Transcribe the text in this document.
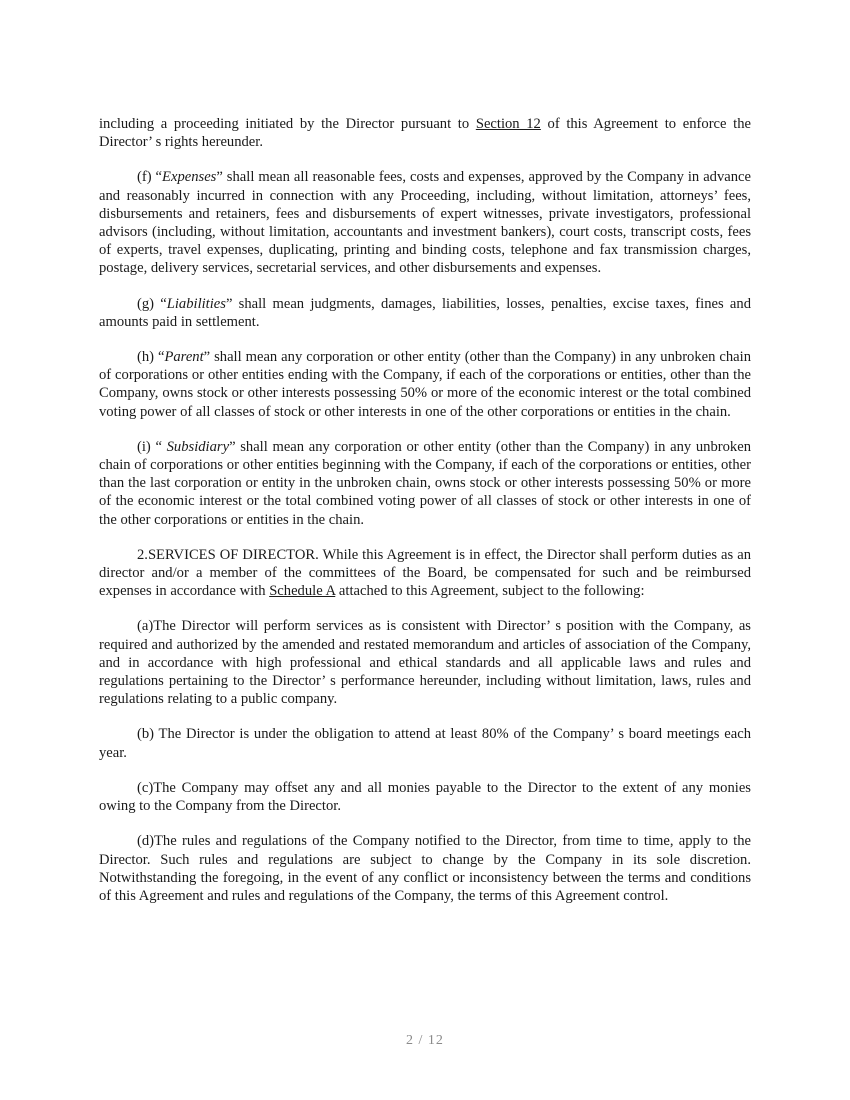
including a proceeding initiated by the Director pursuant to Section 12 of this Agreement to enforce the Director’ s rights hereunder.

(f) “Expenses” shall mean all reasonable fees, costs and expenses, approved by the Company in advance and reasonably incurred in connection with any Proceeding, including, without limitation, attorneys’ fees, disbursements and retainers, fees and disbursements of expert witnesses, private investigators, professional advisors (including, without limitation, accountants and investment bankers), court costs, transcript costs, fees of experts, travel expenses, duplicating, printing and binding costs, telephone and fax transmission charges, postage, delivery services, secretarial services, and other disbursements and expenses.

(g) “Liabilities” shall mean judgments, damages, liabilities, losses, penalties, excise taxes, fines and amounts paid in settlement.

(h) “Parent” shall mean any corporation or other entity (other than the Company) in any unbroken chain of corporations or other entities ending with the Company, if each of the corporations or entities, other than the Company, owns stock or other interests possessing 50% or more of the economic interest or the total combined voting power of all classes of stock or other interests in one of the other corporations or entities in the chain.

(i) “ Subsidiary” shall mean any corporation or other entity (other than the Company) in any unbroken chain of corporations or other entities beginning with the Company, if each of the corporations or entities, other than the last corporation or entity in the unbroken chain, owns stock or other interests possessing 50% or more of the economic interest or the total combined voting power of all classes of stock or other interests in one of the other corporations or entities in the chain.

2.SERVICES OF DIRECTOR. While this Agreement is in effect, the Director shall perform duties as an director and/or a member of the committees of the Board, be compensated for such and be reimbursed expenses in accordance with Schedule A attached to this Agreement, subject to the following:

(a)The Director will perform services as is consistent with Director’ s position with the Company, as required and authorized by the amended and restated memorandum and articles of association of the Company, and in accordance with high professional and ethical standards and all applicable laws and rules and regulations pertaining to the Director’ s performance hereunder, including without limitation, laws, rules and regulations relating to a public company.

(b) The Director is under the obligation to attend at least 80% of the Company’ s board meetings each year.

(c)The Company may offset any and all monies payable to the Director to the extent of any monies owing to the Company from the Director.

(d)The rules and regulations of the Company notified to the Director, from time to time, apply to the Director. Such rules and regulations are subject to change by the Company in its sole discretion. Notwithstanding the foregoing, in the event of any conflict or inconsistency between the terms and conditions of this Agreement and rules and regulations of the Company, the terms of this Agreement control.

2 / 12
